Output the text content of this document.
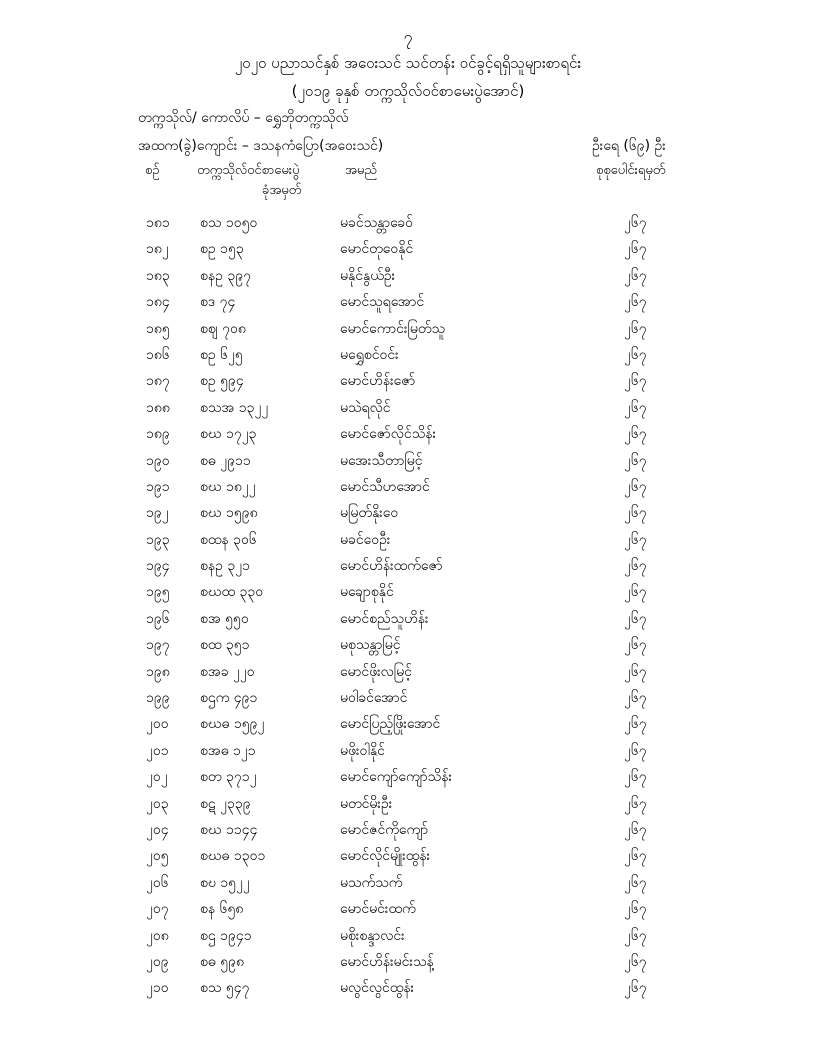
၇
၂၀၂၀ ပညာသင်နှစ် အဝေးသင် သင်တန်း ဝင်ခွင့်ရရှိသူများစာရင်း
(၂၀၁၉ ခုနှစ် တက္ကသိုလ်ဝင်စာမေးပွဲအောင်)
တက္ကသိုလ်/ ကောလိပ် – ရွှေဘိုတက္ကသိုလ်
အထက(ခွဲ)ကျောင်း – ဒသနကံပြော(အဝေးသင်)	ဦးရေ (၆၉) ဦး
စဉ်	တက္ကသိုလ်ဝင်စာမေးပွဲ
ခုံအမှတ်
အမည်	စုစုပေါင်းရမှတ်
၁၈၁ စသ ၁၀၅၀	မခင်သန္တာခေဝ်	၂၆၇
၁၈၂ စဥ ၁၅၃	မောင်တုဝေနိုင်	၂၆၇
၁၈၃ စနဥ ၃၉၇	မနိုင်နွယ်ဦး	၂၆၇
၁၈၄ စဒ ၇၄	မောင်သူရအောင်	၂၆၇
၁၈၅ စဈ ၇၀၈	မောင်ကောင်းမြတ်သူ	၂၆၇
၁၈၆ စဥ ၆၂၅	မရွှေစင်ဝင်း	၂၆၇
၁၈၇ စဥ ၅၉၄	မောင်ဟိန်းဇော်	၂၆၇
၁၈၈ စသအ ၁၃၂၂	မသဲရလိုင်	၂၆၇
၁၈၉ စဃ ၁၇၂၃	မောင်ဇော်လိုင်သိန်း	၂၆၇
၁၉၀ စဓ ၂၉၁၁	မအေးသီတာမြင့်	၂၆၇
၁၉၁ စဃ ၁၈၂၂	မောင်သီဟအောင်	၂၆၇
၁၉၂ စဃ ၁၅၉၈	မမြတ်နိုးဝေ	၂၆၇
၁၉၃ စထန ၃၀၆	မခင်ဝေဦး	၂၆၇
၁၉၄ စနဥ ၃၂၁	မောင်ဟိန်းထက်ဇော်	၂၆၇
၁၉၅ စဃထ ၃၃၀	မချောစုနိုင်	၂၆၇
၁၉၆ စအ ၅၅၀	မောင်စည်သူဟိန်း	၂၆၇
၁၉၇ စထ ၃၅၁	မစုသန္တာမြင့်	၂၆၇
၁၉၈ စအခ ၂၂၀	မောင်ဖိုးလမြင့်	၂၆၇
၁၉၉ စဌက ၄၉၁	မဝါခင်အောင်	၂၆၇
၂၀၀ စဃဓ ၁၅၉၂	မောင်ပြည့်ဖြိုးအောင်	၂၆၇
၂၀၁ စအဓ ၁၂၁	မဖိုးဝါနိုင်	၂၆၇
၂၀၂ စတ ၃၇၁၂	မောင်ကျော်ကျော်သိန်း	၂၆၇
၂၀၃ စဋ ၂၃၃၉	မတင်မိုးဦး	၂၆၇
၂၀၄ စဃ ၁၁၄၄	မောင်ဇင်ကိုကျော်	၂၆၇
၂၀၅ စဃဓ ၁၃၀၁	မောင်လိုင်မျိုးထွန်း	၂၆၇
၂၀၆ စဎ ၁၅၂၂	မသက်သက်	၂၆၇
၂၀၇ စန ၆၅၈	မောင်မင်းထက်	၂၆၇
၂၀၈ စဌ ၁၉၄၁	မစိုးစန္ဒာလင်း	၂၆၇
၂၀၉ စဓ ၅၉၈	မောင်ဟိန်းမင်းသန့်	၂၆၇
၂၁၀ စသ ၅၄၇	မလွင်လွင်ထွန်း	၂၆၇
